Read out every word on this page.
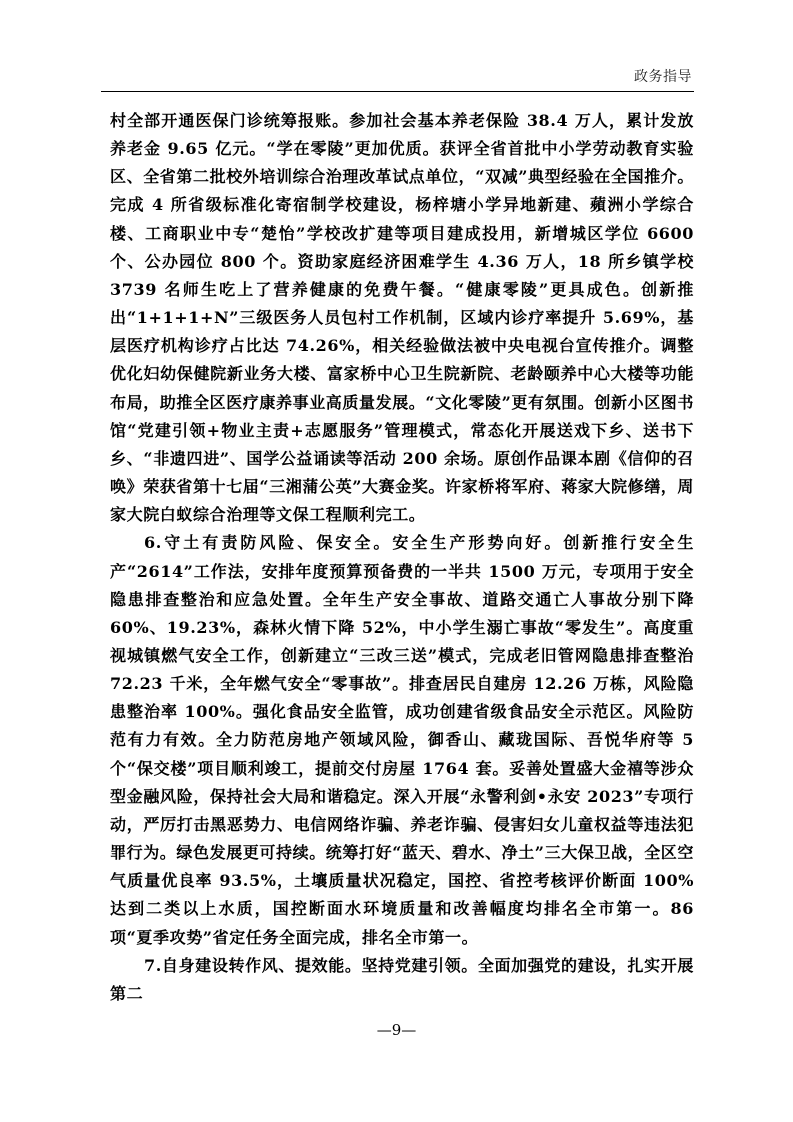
政务指导

村全部开通医保门诊统筹报账。参加社会基本养老保险 38.4 万人，累计发放养老金 9.65 亿元。“学在零陵”更加优质。获评全省首批中小学劳动教育实验区、全省第二批校外培训综合治理改革试点单位，“双减”典型经验在全国推介。完成 4 所省级标准化寄宿制学校建设，杨梓塘小学异地新建、蘋洲小学综合楼、工商职业中专“楚怡”学校改扩建等项目建成投用，新增城区学位 6600 个、公办园位 800 个。资助家庭经济困难学生 4.36 万人，18 所乡镇学校 3739 名师生吃上了营养健康的免费午餐。“健康零陵”更具成色。创新推出“1+1+1+N”三级医务人员包村工作机制，区域内诊疗率提升 5.69%，基层医疗机构诊疗占比达 74.26%，相关经验做法被中央电视台宣传推介。调整优化妇幼保健院新业务大楼、富家桥中心卫生院新院、老龄颐养中心大楼等功能布局，助推全区医疗康养事业高质量发展。“文化零陵”更有氛围。创新小区图书馆“党建引领+物业主责+志愿服务”管理模式，常态化开展送戏下乡、送书下乡、“非遗四进”、国学公益诵读等活动 200 余场。原创作品课本剧《信仰的召唤》荣获省第十七届“三湘蒲公英”大赛金奖。许家桥将军府、蒋家大院修缮，周家大院白蚁综合治理等文保工程顺利完工。

6.守土有责防风险、保安全。安全生产形势向好。创新推行安全生产“2614”工作法，安排年度预算预备费的一半共 1500 万元，专项用于安全隐患排查整治和应急处置。全年生产安全事故、道路交通亡人事故分别下降 60%、19.23%，森林火情下降 52%，中小学生溺亡事故“零发生”。高度重视城镇燃气安全工作，创新建立“三改三送”模式，完成老旧管网隐患排查整治 72.23 千米，全年燃气安全“零事故”。排查居民自建房 12.26 万栋，风险隐患整治率 100%。强化食品安全监管，成功创建省级食品安全示范区。风险防范有力有效。全力防范房地产领域风险，御香山、藏珑国际、吾悦华府等 5 个“保交楼”项目顺利竣工，提前交付房屋 1764 套。妥善处置盛大金禧等涉众型金融风险，保持社会大局和谐稳定。深入开展“永警利剑•永安 2023”专项行动，严厉打击黑恶势力、电信网络诈骗、养老诈骗、侵害妇女儿童权益等违法犯罪行为。绿色发展更可持续。统筹打好“蓝天、碧水、净土”三大保卫战，全区空气质量优良率 93.5%，土壤质量状况稳定，国控、省控考核评价断面 100%达到二类以上水质，国控断面水环境质量和改善幅度均排名全市第一。86 项“夏季攻势”省定任务全面完成，排名全市第一。

7.自身建设转作风、提效能。坚持党建引领。全面加强党的建设，扎实开展第二

—9—
